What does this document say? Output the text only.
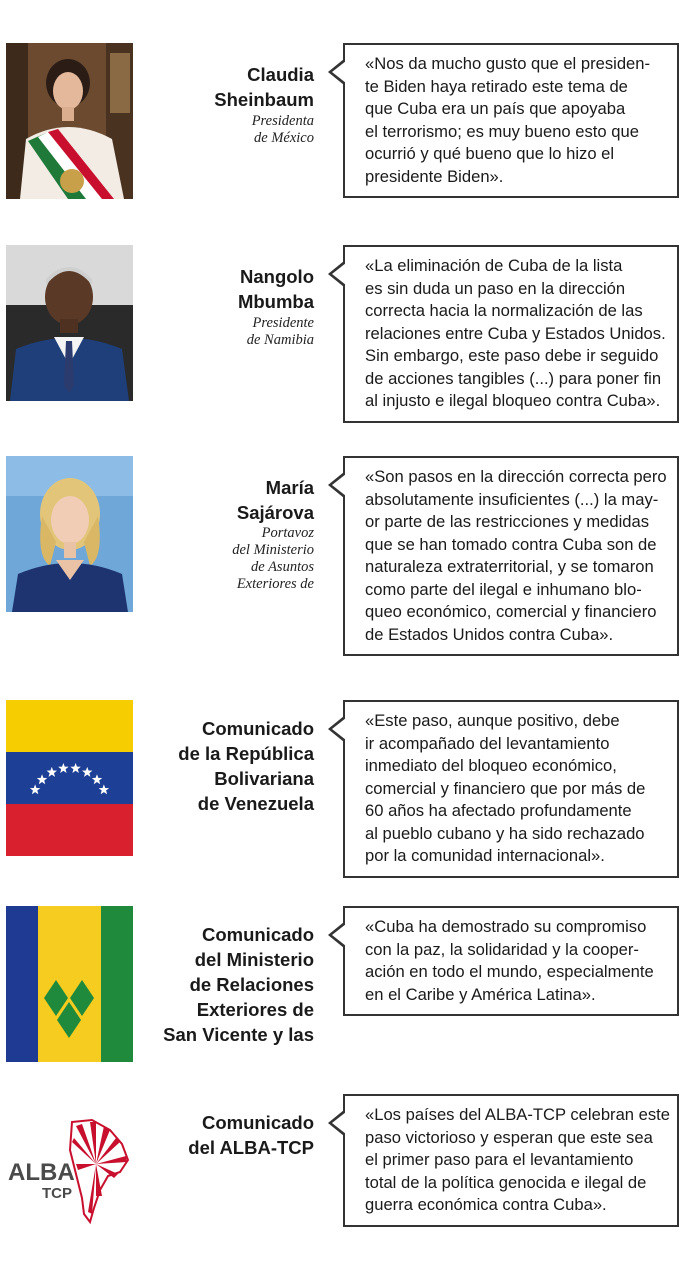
Claudia
Sheinbaum
Presidenta
de México
«Nos da mucho gusto que el presiden-
te Biden haya retirado este tema de
que Cuba era un país que apoyaba
el terrorismo; es muy bueno esto que
ocurrió y qué bueno que lo hizo el
presidente Biden».
Nangolo
Mbumba
Presidente
de Namibia
«La eliminación de Cuba de la lista
es sin duda un paso en la dirección
correcta hacia la normalización de las
relaciones entre Cuba y Estados Unidos.
Sin embargo, este paso debe ir seguido
de acciones tangibles (...) para poner fin
al injusto e ilegal bloqueo contra Cuba».
María
Sajárova
Portavoz
del Ministerio
de Asuntos
Exteriores de
«Son pasos en la dirección correcta pero
absolutamente insuficientes (...) la may-
or parte de las restricciones y medidas
que se han tomado contra Cuba son de
naturaleza extraterritorial, y se tomaron
como parte del ilegal e inhumano blo-
queo económico, comercial y financiero
de Estados Unidos contra Cuba».
Comunicado
de la República
Bolivariana
de Venezuela
«Este paso, aunque positivo, debe
ir acompañado del levantamiento
inmediato del bloqueo económico,
comercial y financiero que por más de
60 años ha afectado profundamente
al pueblo cubano y ha sido rechazado
por la comunidad internacional».
Comunicado
del Ministerio
de Relaciones
Exteriores de
San Vicente y las
«Cuba ha demostrado su compromiso
con la paz, la solidaridad y la cooper-
ación en todo el mundo, especialmente
en el Caribe y América Latina».
ALBA
TCP
Comunicado
del ALBA-TCP
«Los países del ALBA-TCP celebran este
paso victorioso y esperan que este sea
el primer paso para el levantamiento
total de la política genocida e ilegal de
guerra económica contra Cuba».
